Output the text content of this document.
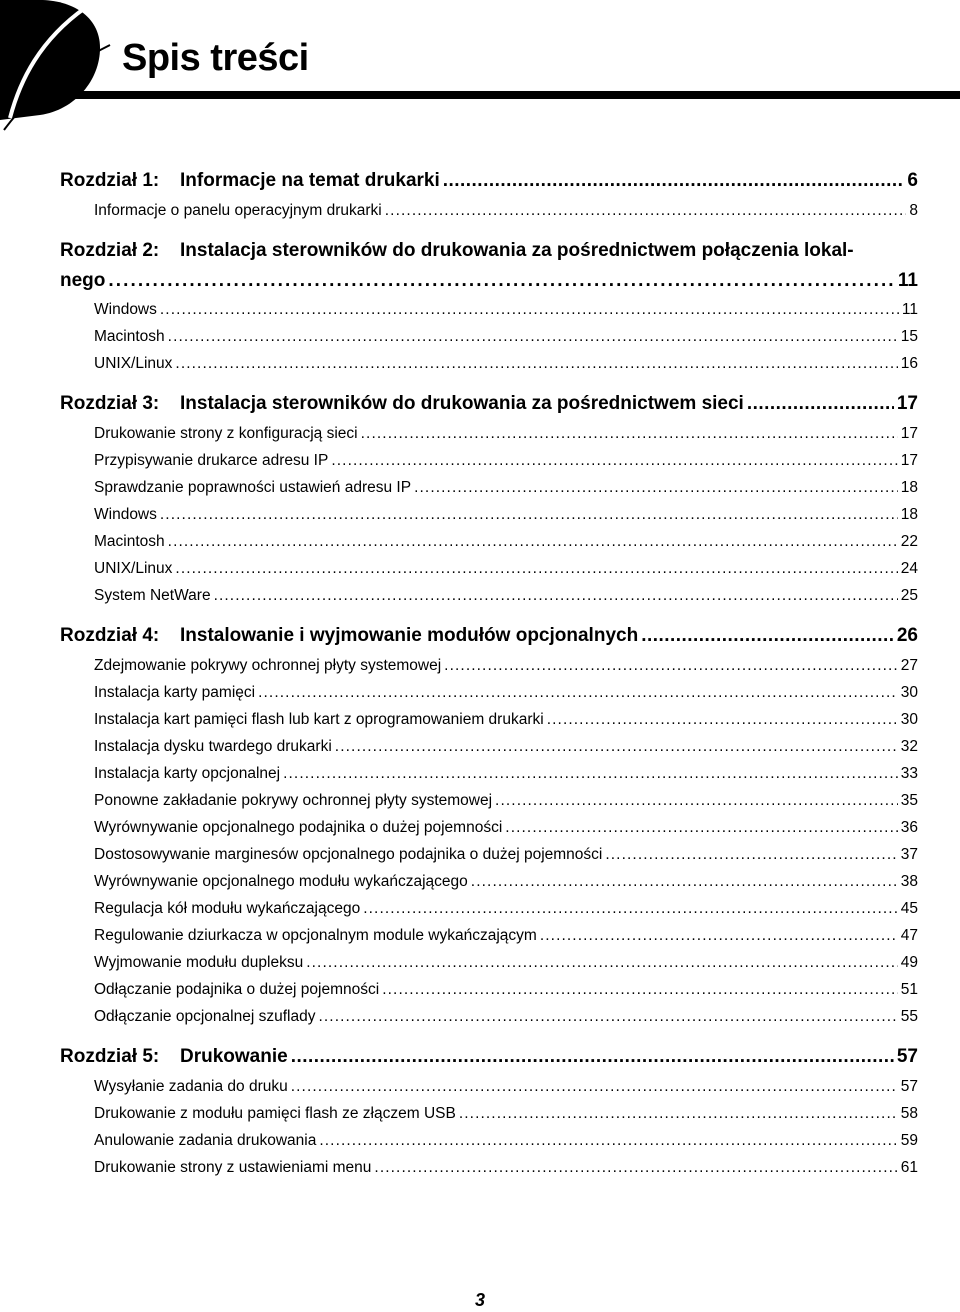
Spis treści
Rozdział 1: Informacje na temat drukarki . . .	6
Informacje o panelu operacyjnym drukarki . . .	8
Rozdział 2: Instalacja sterowników do drukowania za pośrednictwem połączenia lokal-
nego . . .	11
Windows . . .	11
Macintosh . . .	15
UNIX/Linux . . .	16
Rozdział 3: Instalacja sterowników do drukowania za pośrednictwem sieci . . .	17
Drukowanie strony z konfiguracją sieci . . .	17
Przypisywanie drukarce adresu IP . . .	17
Sprawdzanie poprawności ustawień adresu IP . . .	18
Windows . . .	18
Macintosh . . .	22
UNIX/Linux . . .	24
System NetWare . . .	25
Rozdział 4: Instalowanie i wyjmowanie modułów opcjonalnych . . .	26
Zdejmowanie pokrywy ochronnej płyty systemowej . . .	27
Instalacja karty pamięci . . .	30
Instalacja kart pamięci flash lub kart z oprogramowaniem drukarki . . .	30
Instalacja dysku twardego drukarki . . .	32
Instalacja karty opcjonalnej . . .	33
Ponowne zakładanie pokrywy ochronnej płyty systemowej . . .	35
Wyrównywanie opcjonalnego podajnika o dużej pojemności . . .	36
Dostosowywanie marginesów opcjonalnego podajnika o dużej pojemności . . .	37
Wyrównywanie opcjonalnego modułu wykańczającego . . .	38
Regulacja kół modułu wykańczającego . . .	45
Regulowanie dziurkacza w opcjonalnym module wykańczającym . . .	47
Wyjmowanie modułu dupleksu . . .	49
Odłączanie podajnika o dużej pojemności . . .	51
Odłączanie opcjonalnej szuflady . . .	55
Rozdział 5: Drukowanie . . .	57
Wysyłanie zadania do druku . . .	57
Drukowanie z modułu pamięci flash ze złączem USB . . .	58
Anulowanie zadania drukowania . . .	59
Drukowanie strony z ustawieniami menu . . .	61
3
